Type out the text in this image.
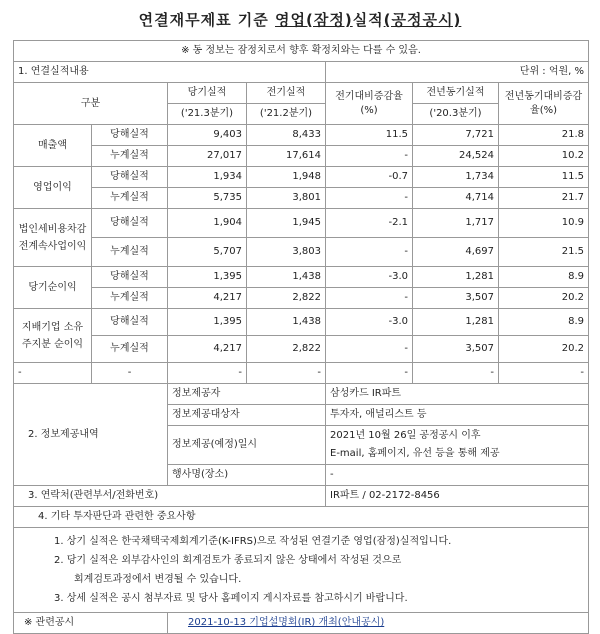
연결재무제표 기준 영업(잠정)실적(공정공시)
※ 동 정보는 잠정치로서 향후 확정치와는 다를 수 있음.						
1. 연결실적내용				단위 : 억원, %		
구분		당기실적	전기실적	전기대비증감율(%)	전년동기실적	전년동기대비증감율(%)
		('21.3분기)	('21.2분기)		('20.3분기)	
매출액	당해실적	9,403	8,433	11.5	7,721	21.8
	누계실적	27,017	17,614	-	24,524	10.2
영업이익	당해실적	1,934	1,948	-0.7	1,734	11.5
	누계실적	5,735	3,801	-	4,714	21.7
법인세비용차감전계속사업이익	당해실적	1,904	1,945	-2.1	1,717	10.9
	누계실적	5,707	3,803	-	4,697	21.5
당기순이익	당해실적	1,395	1,438	-3.0	1,281	8.9
	누계실적	4,217	2,822	-	3,507	20.2
지배기업 소유주지분 순이익	당해실적	1,395	1,438	-3.0	1,281	8.9
	누계실적	4,217	2,822	-	3,507	20.2
-	-	-	-	-	-	-
2. 정보제공내역		정보제공자		삼성카드 IR파트		
		정보제공대상자		투자자, 애널리스트 등		
		정보제공(예정)일시		2021년 10월 26일 공정공시 이후
E-mail, 홈페이지, 유선 등을 통해 제공		

		행사명(장소)		-		
3. 연락처(관련부서/전화번호)				IR파트 / 02-2172-8456		
4. 기타 투자판단과 관련한 중요사항						

1. 상기 실적은 한국채택국제회계기준(K-IFRS)으로 작성된 연결기준 영업(잠정)실적입니다.
2. 당기 실적은 외부감사인의 회계검토가 종료되지 않은 상태에서 작성된 것으로
회계검토과정에서 변경될 수 있습니다.
3. 상세 실적은 공시 첨부자료 및 당사 홈페이지 게시자료를 참고하시기 바랍니다.						

※ 관련공시		2021-10-13 기업설명회(IR) 개최(안내공시)				
